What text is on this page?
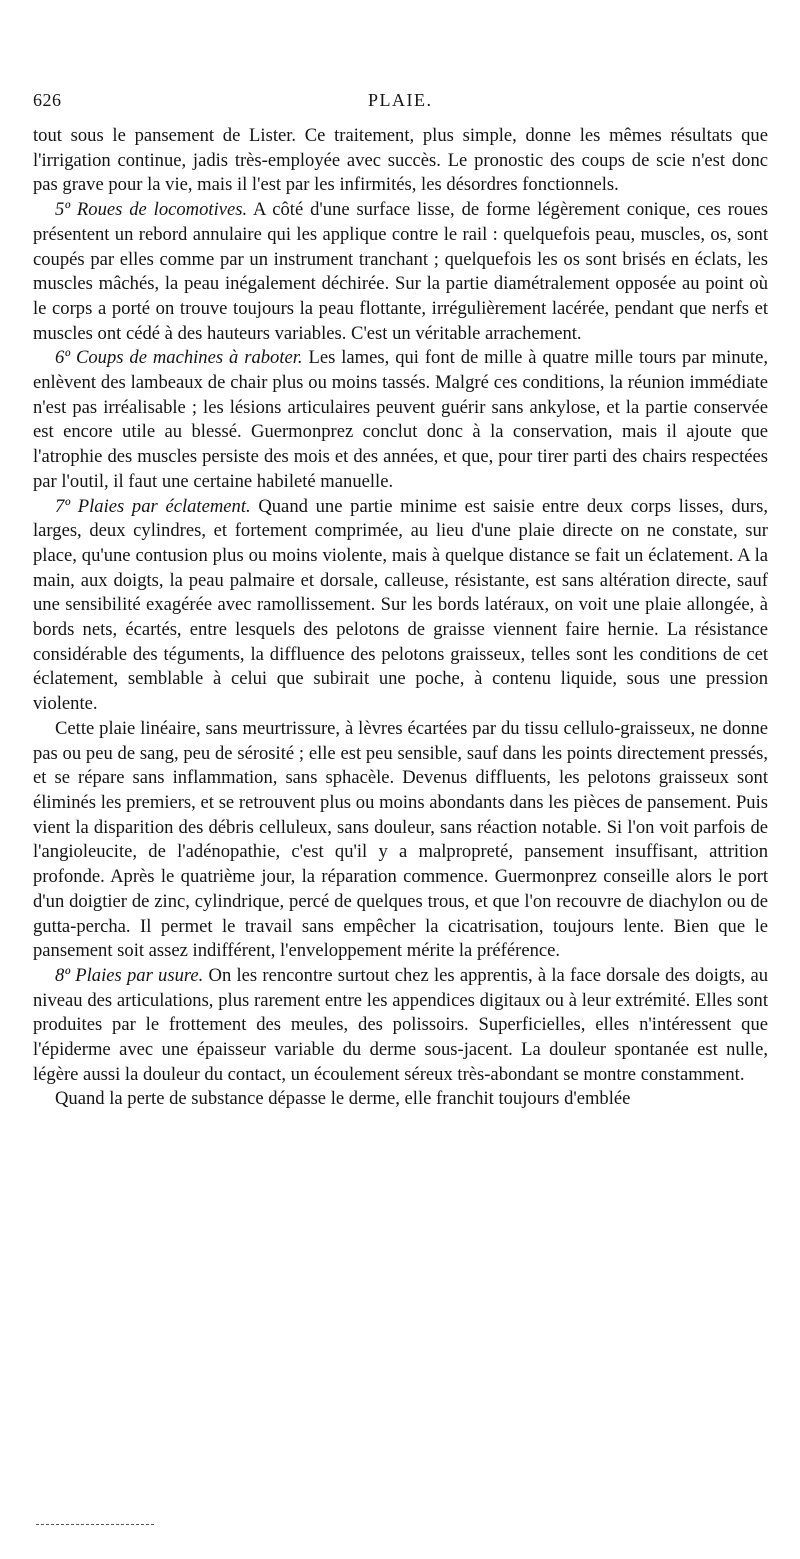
626	PLAIE.

tout sous le pansement de Lister. Ce traitement, plus simple, donne les mêmes résultats que l'irrigation continue, jadis très-employée avec succès. Le pronostic des coups de scie n'est donc pas grave pour la vie, mais il l'est par les infirmités, les désordres fonctionnels.

5º Roues de locomotives. A côté d'une surface lisse, de forme légèrement conique, ces roues présentent un rebord annulaire qui les applique contre le rail : quelquefois peau, muscles, os, sont coupés par elles comme par un instrument tranchant ; quelquefois les os sont brisés en éclats, les muscles mâchés, la peau inégalement déchirée. Sur la partie diamétralement opposée au point où le corps a porté on trouve toujours la peau flottante, irrégulièrement lacérée, pendant que nerfs et muscles ont cédé à des hauteurs variables. C'est un véritable arrachement.

6º Coups de machines à raboter. Les lames, qui font de mille à quatre mille tours par minute, enlèvent des lambeaux de chair plus ou moins tassés. Malgré ces conditions, la réunion immédiate n'est pas irréalisable ; les lésions articulaires peuvent guérir sans ankylose, et la partie conservée est encore utile au blessé. Guermonprez conclut donc à la conservation, mais il ajoute que l'atrophie des muscles persiste des mois et des années, et que, pour tirer parti des chairs respectées par l'outil, il faut une certaine habileté manuelle.

7º Plaies par éclatement. Quand une partie minime est saisie entre deux corps lisses, durs, larges, deux cylindres, et fortement comprimée, au lieu d'une plaie directe on ne constate, sur place, qu'une contusion plus ou moins violente, mais à quelque distance se fait un éclatement. A la main, aux doigts, la peau palmaire et dorsale, calleuse, résistante, est sans altération directe, sauf une sensibilité exagérée avec ramollissement. Sur les bords latéraux, on voit une plaie allongée, à bords nets, écartés, entre lesquels des pelotons de graisse viennent faire hernie. La résistance considérable des téguments, la diffluence des pelotons graisseux, telles sont les conditions de cet éclatement, semblable à celui que subirait une poche, à contenu liquide, sous une pression violente.

Cette plaie linéaire, sans meurtrissure, à lèvres écartées par du tissu cellulo-graisseux, ne donne pas ou peu de sang, peu de sérosité ; elle est peu sensible, sauf dans les points directement pressés, et se répare sans inflammation, sans sphacèle. Devenus diffluents, les pelotons graisseux sont éliminés les premiers, et se retrouvent plus ou moins abondants dans les pièces de pansement. Puis vient la disparition des débris celluleux, sans douleur, sans réaction notable. Si l'on voit parfois de l'angioleucite, de l'adénopathie, c'est qu'il y a malpropreté, pansement insuffisant, attrition profonde. Après le quatrième jour, la réparation commence. Guermonprez conseille alors le port d'un doigtier de zinc, cylindrique, percé de quelques trous, et que l'on recouvre de diachylon ou de gutta-percha. Il permet le travail sans empêcher la cicatrisation, toujours lente. Bien que le pansement soit assez indifférent, l'enveloppement mérite la préférence.

8º Plaies par usure. On les rencontre surtout chez les apprentis, à la face dorsale des doigts, au niveau des articulations, plus rarement entre les appendices digitaux ou à leur extrémité. Elles sont produites par le frottement des meules, des polissoirs. Superficielles, elles n'intéressent que l'épiderme avec une épaisseur variable du derme sous-jacent. La douleur spontanée est nulle, légère aussi la douleur du contact, un écoulement séreux très-abondant se montre constamment.

Quand la perte de substance dépasse le derme, elle franchit toujours d'emblée
